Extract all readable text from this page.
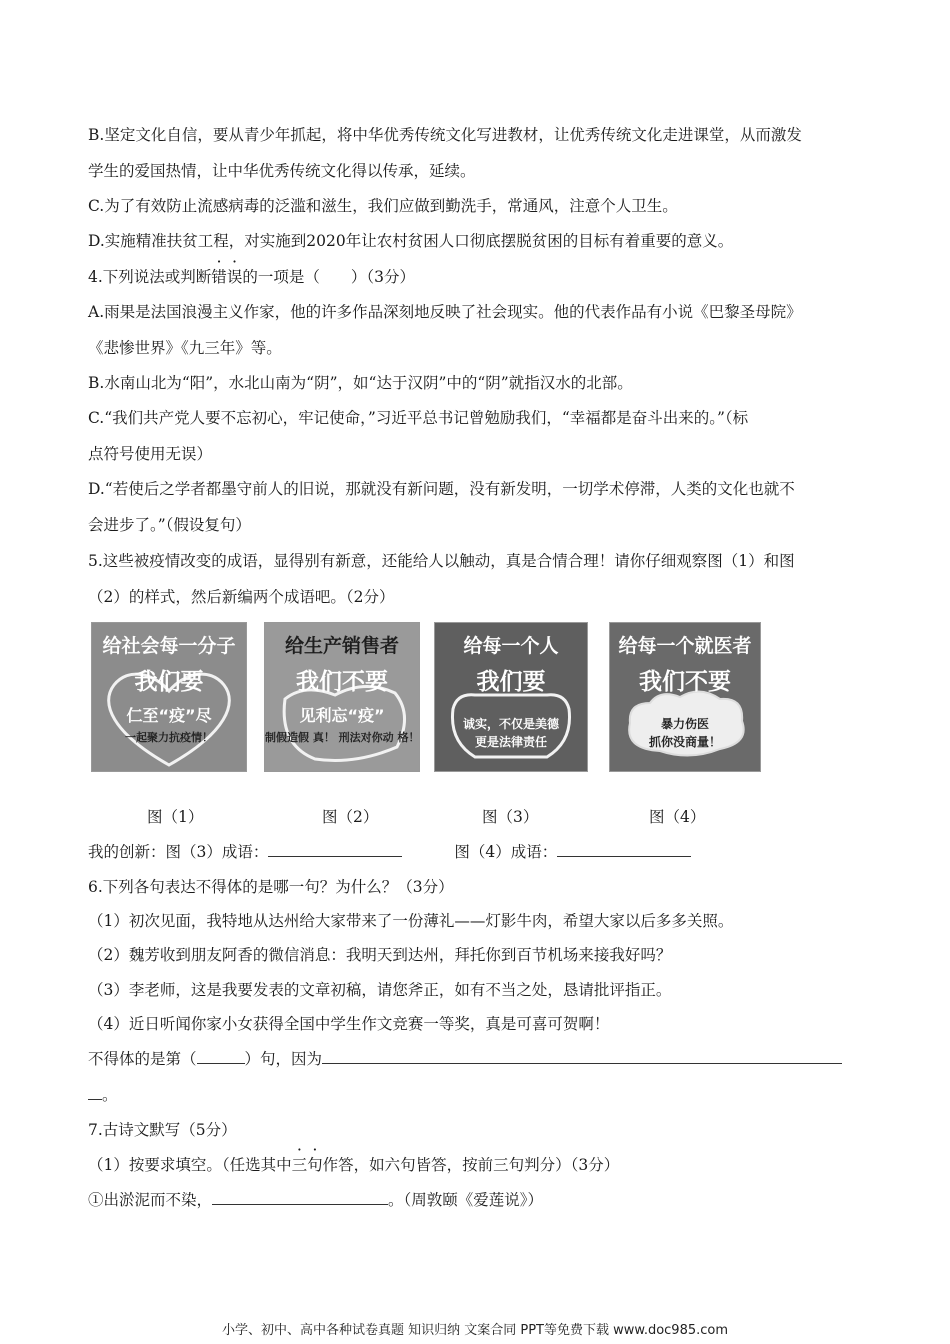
B.坚定文化自信，要从青少年抓起，将中华优秀传统文化写进教材，让优秀传统文化走进课堂，从而激发
学生的爱国热情，让中华优秀传统文化得以传承，延续。
C.为了有效防止流感病毒的泛滥和滋生，我们应做到勤洗手，常通风，注意个人卫生。
D.实施精准扶贫工程，对实施到2020年让农村贫困人口彻底摆脱贫困的目标有着重要的意义。
4.下列说法或判断错误的一项是（　　）（3分）
A.雨果是法国浪漫主义作家，他的许多作品深刻地反映了社会现实。他的代表作品有小说《巴黎圣母院》
《悲惨世界》《九三年》等。
B.水南山北为“阳”，水北山南为“阴”，如“达于汉阴”中的“阴”就指汉水的北部。
C.“我们共产党人要不忘初心，牢记使命，”习近平总书记曾勉励我们，“幸福都是奋斗出来的。”（标
点符号使用无误）
D.“若使后之学者都墨守前人的旧说，那就没有新问题，没有新发明，一切学术停滞，人类的文化也就不
会进步了。”（假设复句）
5.这些被疫情改变的成语，显得别有新意，还能给人以触动，真是合情合理！请你仔细观察图（1）和图
（2）的样式，然后新编两个成语吧。（2分）
给社会每一分子
我们要
仁至“疫”尽
一起聚力抗疫情！
给生产销售者
我们不要
见利忘“疫”
制假造假 真！ 刑法对你动 格！
给每一个人
我们要
诚实，不仅是美德
更是法律责任
给每一个就医者
我们不要
暴力伤医
抓你没商量！
图（1）	图（2）	图（3）	图（4）
我的创新：图（3）成语：	图（4）成语：
6.下列各句表达不得体的是哪一句？为什么？（3分）
（1）初次见面，我特地从达州给大家带来了一份薄礼——灯影牛肉，希望大家以后多多关照。
（2）魏芳收到朋友阿香的微信消息：我明天到达州，拜托你到百节机场来接我好吗？
（3）李老师，这是我要发表的文章初稿，请您斧正，如有不当之处，恳请批评指正。
（4）近日听闻你家小女获得全国中学生作文竞赛一等奖，真是可喜可贺啊！
不得体的是第（	）句，因为
。
7.古诗文默写（5分）
（1）按要求填空。（任选其中三句作答，如六句皆答，按前三句判分）（3分）
①出淤泥而不染，	。（周敦颐《爱莲说》）
小学、初中、高中各种试卷真题 知识归纳 文案合同 PPT等免费下载 www.doc985.com
